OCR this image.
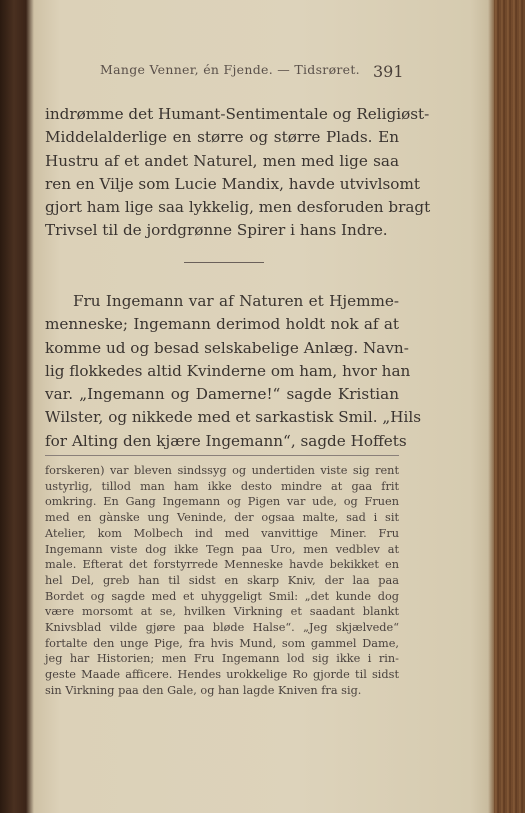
Mange Venner, én Fjende. — Tidsrøret. 391
indrømme det Humant-Sentimentale og Religiøst-
Middelalderlige en større og større Plads. En
Hustru af et andet Naturel, men med lige saa
ren en Vilje som Lucie Mandix, havde utvivlsomt
gjort ham lige saa lykkelig, men desforuden bragt
Trivsel til de jordgrønne Spirer i hans Indre.
Fru Ingemann var af Naturen et Hjemme-
menneske; Ingemann derimod holdt nok af at
komme ud og besad selskabelige Anlæg. Navn-
lig flokkedes altid Kvinderne om ham, hvor han
var. „Ingemann og Damerne!“ sagde Kristian
Wilster, og nikkede med et sarkastisk Smil. „Hils
for Alting den kjære Ingemann“, sagde Hoffets
forskeren) var bleven sindssyg og undertiden viste sig rent
ustyrlig, tillod man ham ikke desto mindre at gaa frit
omkring. En Gang Ingemann og Pigen var ude, og Fruen
med en gànske ung Veninde, der ogsaa malte, sad i sit
Atelier, kom Molbech ind med vanvittige Miner. Fru
Ingemann viste dog ikke Tegn paa Uro, men vedblev at
male. Efterat det forstyrrede Menneske havde bekikket en
hel Del, greb han til sidst en skarp Kniv, der laa paa
Bordet og sagde med et uhyggeligt Smil: „det kunde dog
være morsomt at se, hvilken Virkning et saadant blankt
Knivsblad vilde gjøre paa bløde Halse“. „Jeg skjælvede“
fortalte den unge Pige, fra hvis Mund, som gammel Dame,
jeg har Historien; men Fru Ingemann lod sig ikke i rin-
geste Maade afficere. Hendes urokkelige Ro gjorde til sidst
sin Virkning paa den Gale, og han lagde Kniven fra sig.
